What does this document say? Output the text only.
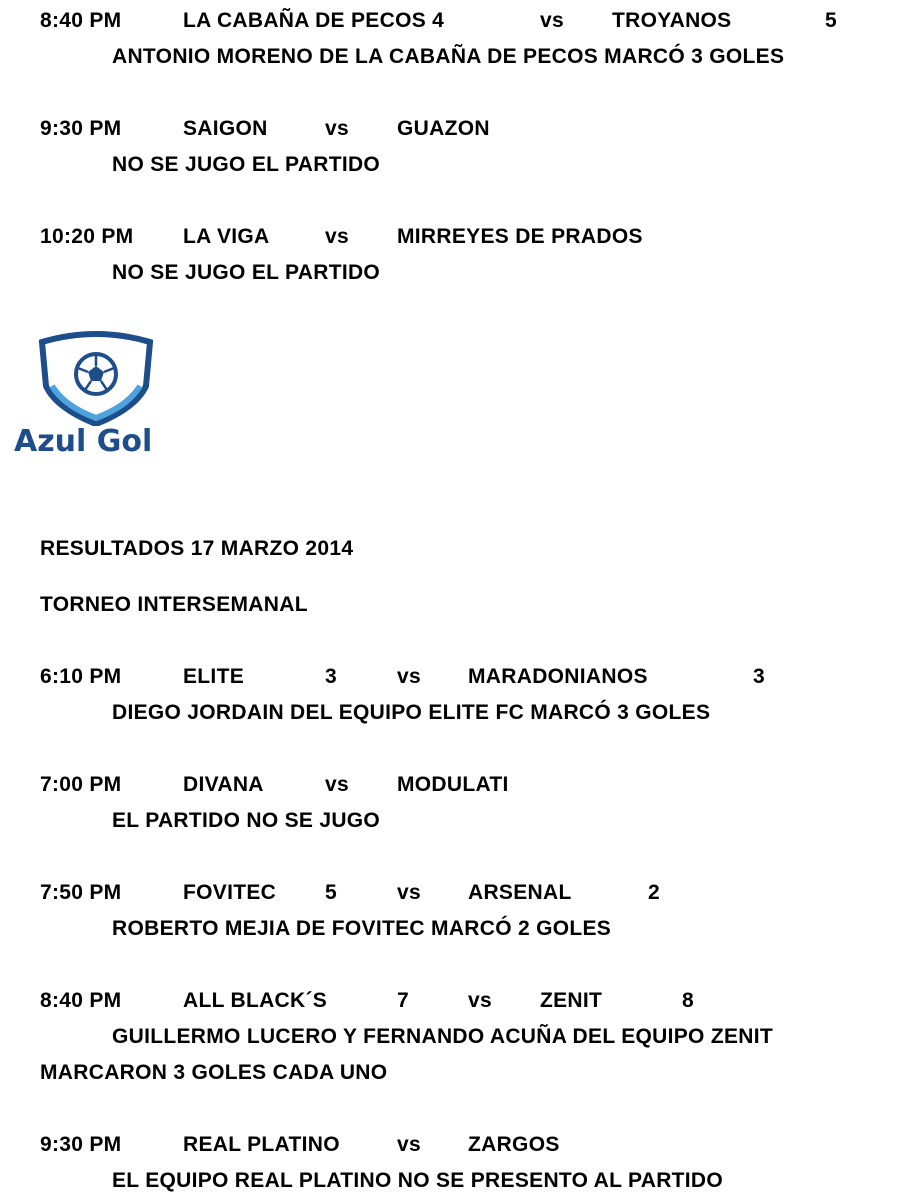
8:40 PM	LA CABAÑA DE PECOS 4	vs TROYANOS	5
ANTONIO MORENO DE LA CABAÑA DE PECOS MARCÓ 3 GOLES
9:30 PM	SAIGON	vs GUAZON
NO SE JUGO EL PARTIDO
10:20 PM LA VIGA	vs MIRREYES DE PRADOS
NO SE JUGO EL PARTIDO
Azul Gol
RESULTADOS 17 MARZO 2014
TORNEO INTERSEMANAL
6:10 PM	ELITE	3	vs MARADONIANOS	3
DIEGO JORDAIN DEL EQUIPO ELITE FC MARCÓ 3 GOLES
7:00 PM	DIVANA	vs MODULATI
EL PARTIDO NO SE JUGO
7:50 PM	FOVITEC 5	vs ARSENAL	2
ROBERTO MEJIA DE FOVITEC MARCÓ 2 GOLES
8:40 PM	ALL BLACK´S	7	vs ZENIT	8
GUILLERMO LUCERO Y FERNANDO ACUÑA DEL EQUIPO ZENIT
MARCARON 3 GOLES CADA UNO
9:30 PM	REAL PLATINO	vs ZARGOS
EL EQUIPO REAL PLATINO NO SE PRESENTO AL PARTIDO
